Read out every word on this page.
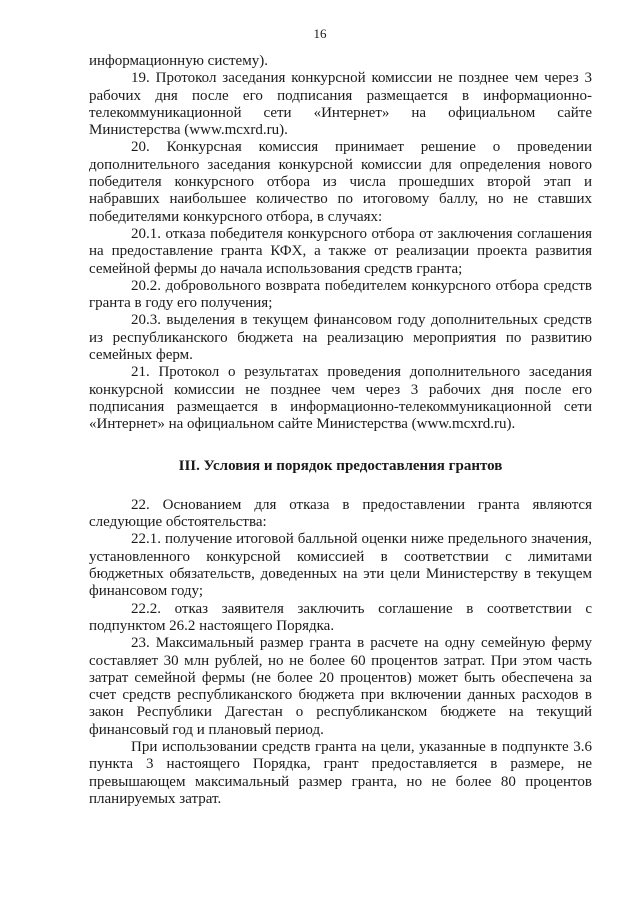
16

информационную систему).

19. Протокол заседания конкурсной комиссии не позднее чем через 3 рабочих дня после его подписания размещается в информационно-телекоммуникационной сети «Интернет» на официальном сайте Министерства (www.mcxrd.ru).

20. Конкурсная комиссия принимает решение о проведении дополнительного заседания конкурсной комиссии для определения нового победителя конкурсного отбора из числа прошедших второй этап и набравших наибольшее количество по итоговому баллу, но не ставших победителями конкурсного отбора, в случаях:

20.1. отказа победителя конкурсного отбора от заключения соглашения на предоставление гранта КФХ, а также от реализации проекта развития семейной фермы до начала использования средств гранта;

20.2. добровольного возврата победителем конкурсного отбора средств гранта в году его получения;

20.3. выделения в текущем финансовом году дополнительных средств из республиканского бюджета на реализацию мероприятия по развитию семейных ферм.

21. Протокол о результатах проведения дополнительного заседания конкурсной комиссии не позднее чем через 3 рабочих дня после его подписания размещается в информационно-телекоммуникационной сети «Интернет» на официальном сайте Министерства (www.mcxrd.ru).

III. Условия и порядок предоставления грантов

22. Основанием для отказа в предоставлении гранта являются следующие обстоятельства:

22.1. получение итоговой балльной оценки ниже предельного значения, установленного конкурсной комиссией в соответствии с лимитами бюджетных обязательств, доведенных на эти цели Министерству в текущем финансовом году;

22.2. отказ заявителя заключить соглашение в соответствии с подпунктом 26.2 настоящего Порядка.

23. Максимальный размер гранта в расчете на одну семейную ферму составляет 30 млн рублей, но не более 60 процентов затрат. При этом часть затрат семейной фермы (не более 20 процентов) может быть обеспечена за счет средств республиканского бюджета при включении данных расходов в закон Республики Дагестан о республиканском бюджете на текущий финансовый год и плановый период.

При использовании средств гранта на цели, указанные в подпункте 3.6 пункта 3 настоящего Порядка, грант предоставляется в размере, не превышающем максимальный размер гранта, но не более 80 процентов планируемых затрат.
